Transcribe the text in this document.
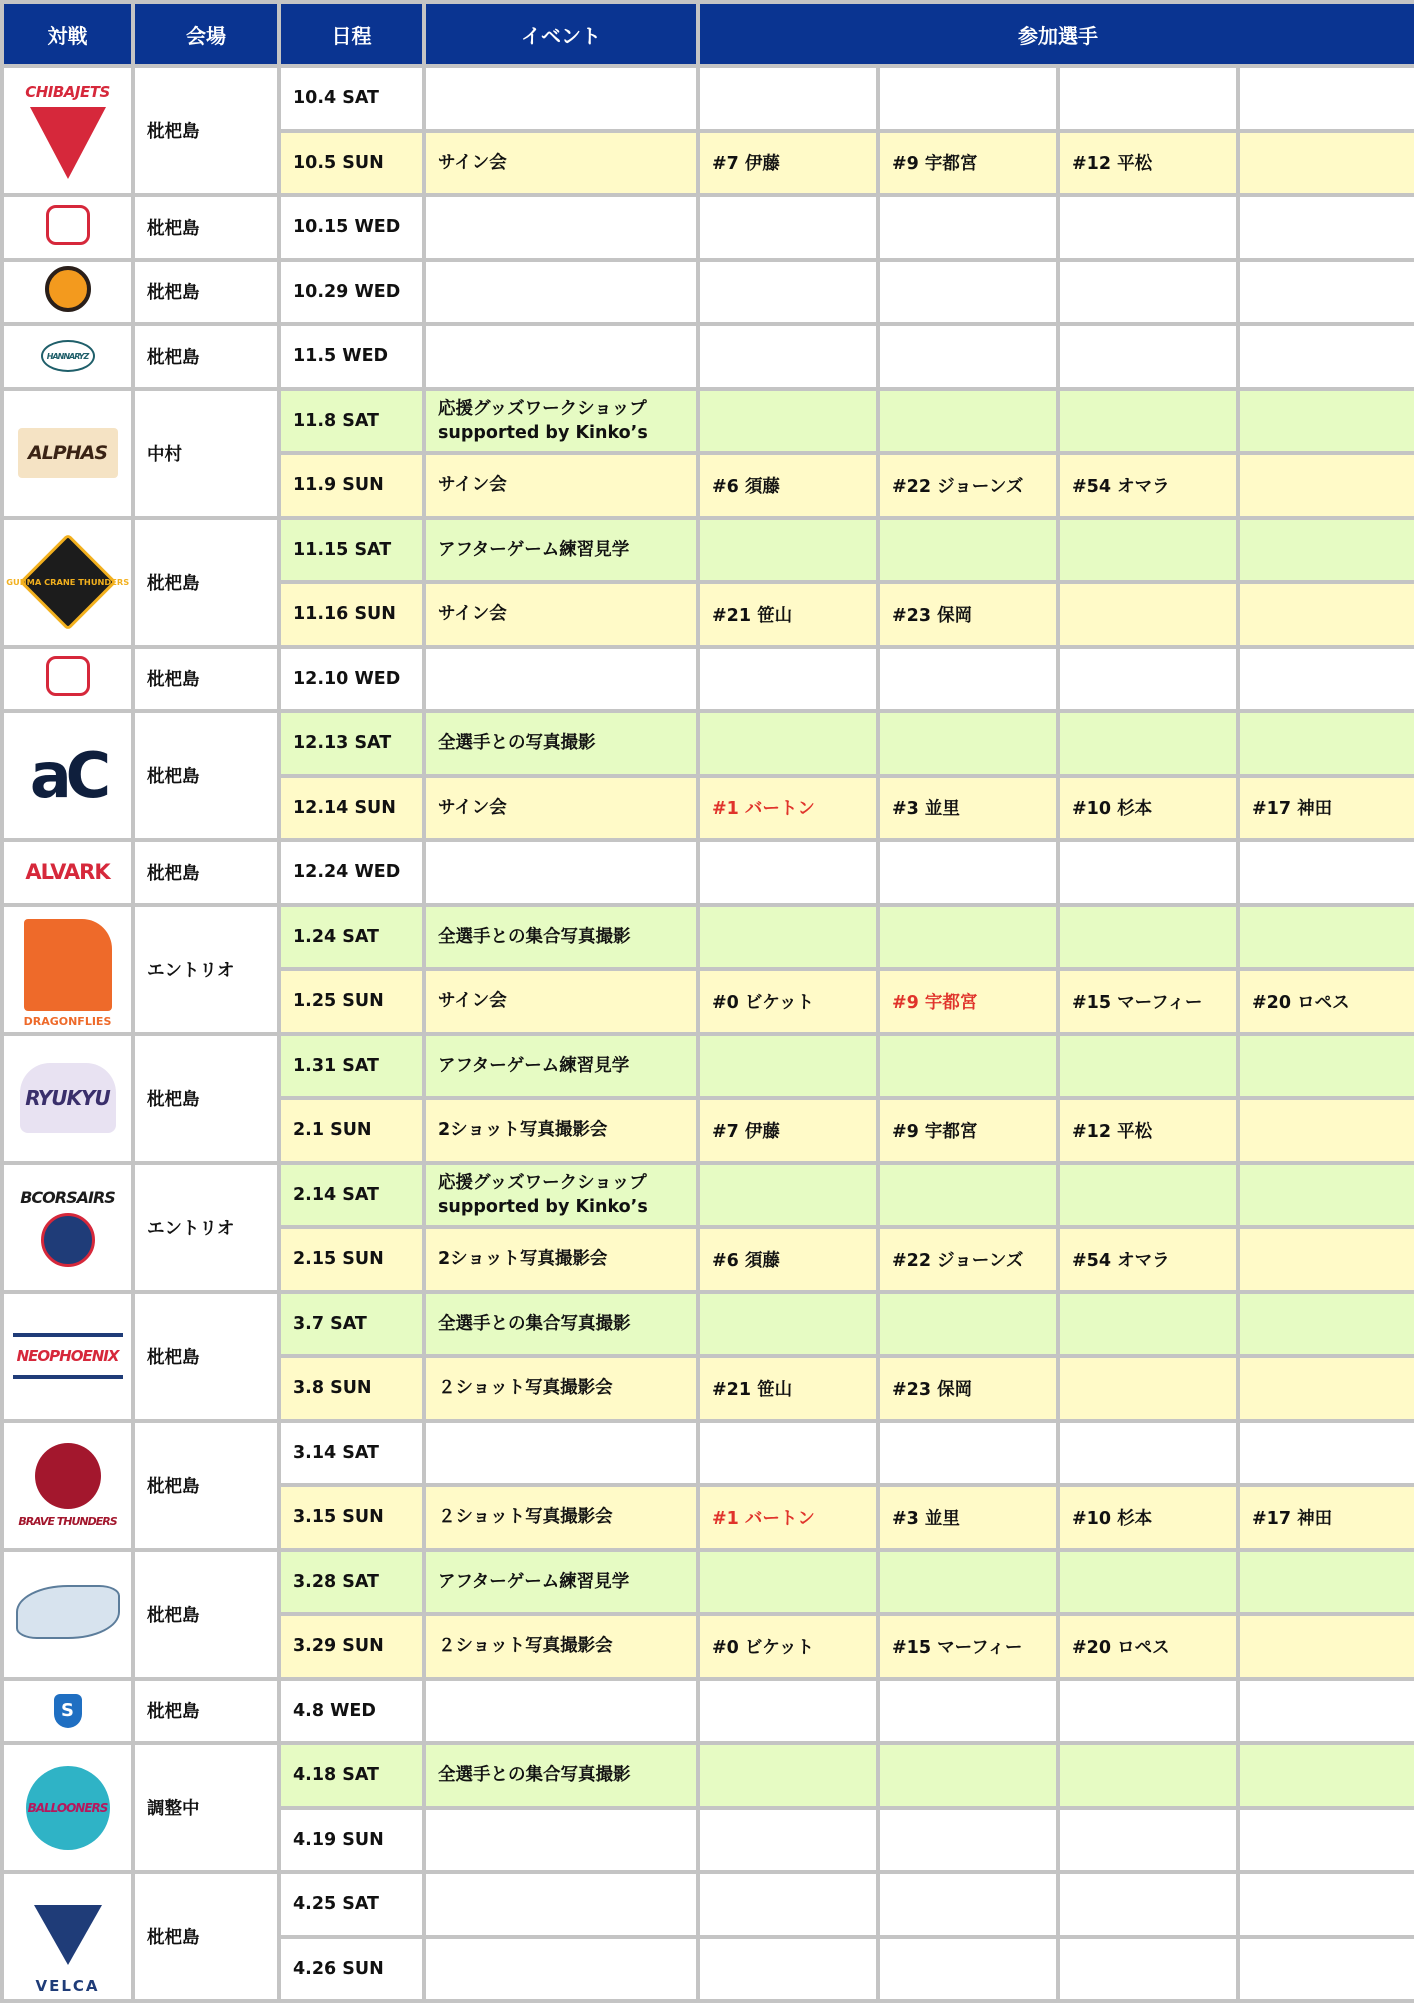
対戦	会場	日程	イベント	参加選手			

CHIBAJETS	枇杷島	10.4 SAT					
		10.5 SUN	サイン会	#7 伊藤	#9 宇都宮	#12 平松	
	枇杷島	10.15 WED					
	枇杷島	10.29 WED					

HANNARYZ	枇杷島	11.5 WED					

ALPHAS	中村	11.8 SAT	応援グッズワークショップ supported by Kinko’s				
		11.9 SUN	サイン会	#6 須藤	#22 ジョーンズ	#54 オマラ	

GUNMA CRANE THUNDERS	枇杷島	11.15 SAT	アフターゲーム練習見学				
		11.16 SUN	サイン会	#21 笹山	#23 保岡		
	枇杷島	12.10 WED					

aC	枇杷島	12.13 SAT	全選手との写真撮影				
		12.14 SUN	サイン会	#1 バートン	#3 並里	#10 杉本	#17 神田

ALVARK	枇杷島	12.24 WED					

DRAGONFLIES	エントリオ	1.24 SAT	全選手との集合写真撮影				
		1.25 SUN	サイン会	#0 ビケット	#9 宇都宮	#15 マーフィー	#20 ロペス

RYUKYU	枇杷島	1.31 SAT	アフターゲーム練習見学				
		2.1 SUN	2ショット写真撮影会	#7 伊藤	#9 宇都宮	#12 平松	

BCORSAIRS	エントリオ	2.14 SAT	応援グッズワークショップ supported by Kinko’s				
		2.15 SUN	2ショット写真撮影会	#6 須藤	#22 ジョーンズ	#54 オマラ	

NEOPHOENIX	枇杷島	3.7 SAT	全選手との集合写真撮影				
		3.8 SUN	２ショット写真撮影会	#21 笹山	#23 保岡		

BRAVE THUNDERS	枇杷島	3.14 SAT					
		3.15 SUN	２ショット写真撮影会	#1 バートン	#3 並里	#10 杉本	#17 神田
	枇杷島	3.28 SAT	アフターゲーム練習見学				
		3.29 SUN	２ショット写真撮影会	#0 ビケット	#15 マーフィー	#20 ロペス	

S	枇杷島	4.8 WED					

BALLOONERS	調整中	4.18 SAT	全選手との集合写真撮影				
		4.19 SUN					

VELCA	枇杷島	4.25 SAT					
		4.26 SUN					
